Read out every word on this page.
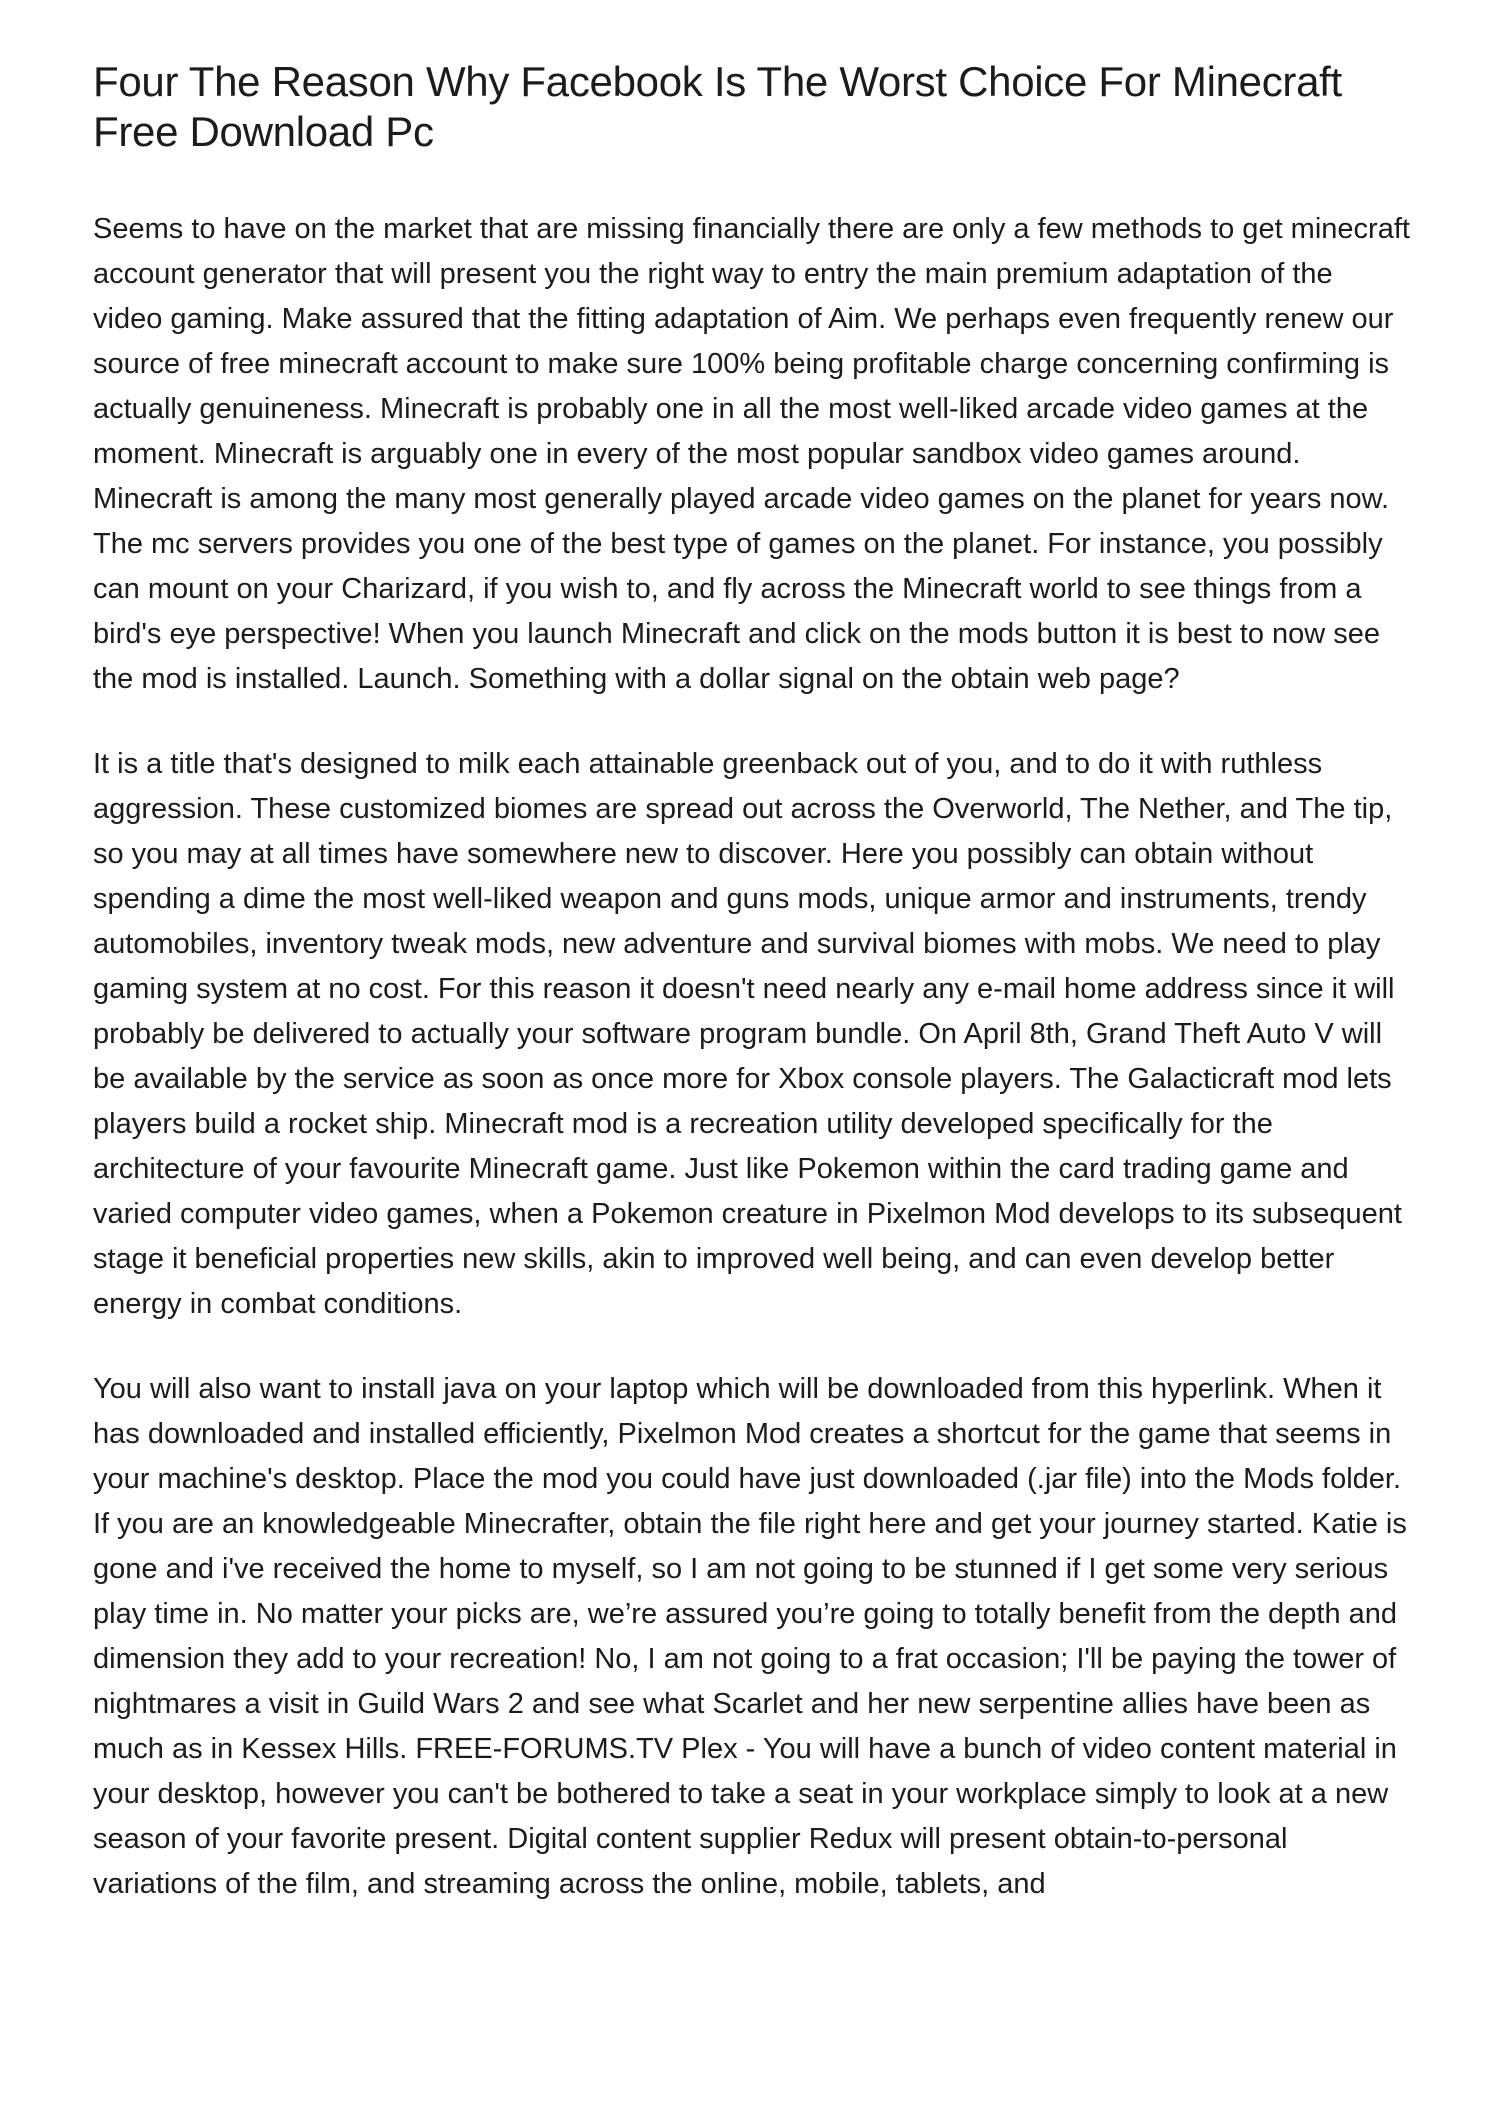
Four The Reason Why Facebook Is The Worst Choice For Minecraft Free Download Pc

Seems to have on the market that are missing financially there are only a few methods to get minecraft account generator that will present you the right way to entry the main premium adaptation of the video gaming. Make assured that the fitting adaptation of Aim. We perhaps even frequently renew our source of free minecraft account to make sure 100% being profitable charge concerning confirming is actually genuineness. Minecraft is probably one in all the most well-liked arcade video games at the moment. Minecraft is arguably one in every of the most popular sandbox video games around. Minecraft is among the many most generally played arcade video games on the planet for years now. The mc servers provides you one of the best type of games on the planet. For instance, you possibly can mount on your Charizard, if you wish to, and fly across the Minecraft world to see things from a bird's eye perspective! When you launch Minecraft and click on the mods button it is best to now see the mod is installed. Launch. Something with a dollar signal on the obtain web page?

It is a title that's designed to milk each attainable greenback out of you, and to do it with ruthless aggression. These customized biomes are spread out across the Overworld, The Nether, and The tip, so you may at all times have somewhere new to discover. Here you possibly can obtain without spending a dime the most well-liked weapon and guns mods, unique armor and instruments, trendy automobiles, inventory tweak mods, new adventure and survival biomes with mobs. We need to play gaming system at no cost. For this reason it doesn't need nearly any e-mail home address since it will probably be delivered to actually your software program bundle. On April 8th, Grand Theft Auto V will be available by the service as soon as once more for Xbox console players. The Galacticraft mod lets players build a rocket ship. Minecraft mod is a recreation utility developed specifically for the architecture of your favourite Minecraft game. Just like Pokemon within the card trading game and varied computer video games, when a Pokemon creature in Pixelmon Mod develops to its subsequent stage it beneficial properties new skills, akin to improved well being, and can even develop better energy in combat conditions.

You will also want to install java on your laptop which will be downloaded from this hyperlink. When it has downloaded and installed efficiently, Pixelmon Mod creates a shortcut for the game that seems in your machine's desktop. Place the mod you could have just downloaded (.jar file) into the Mods folder. If you are an knowledgeable Minecrafter, obtain the file right here and get your journey started. Katie is gone and i've received the home to myself, so I am not going to be stunned if I get some very serious play time in. No matter your picks are, we’re assured you’re going to totally benefit from the depth and dimension they add to your recreation! No, I am not going to a frat occasion; I'll be paying the tower of nightmares a visit in Guild Wars 2 and see what Scarlet and her new serpentine allies have been as much as in Kessex Hills. FREE-FORUMS.TV Plex - You will have a bunch of video content material in your desktop, however you can't be bothered to take a seat in your workplace simply to look at a new season of your favorite present. Digital content supplier Redux will present obtain-to-personal variations of the film, and streaming across the online, mobile, tablets, and
